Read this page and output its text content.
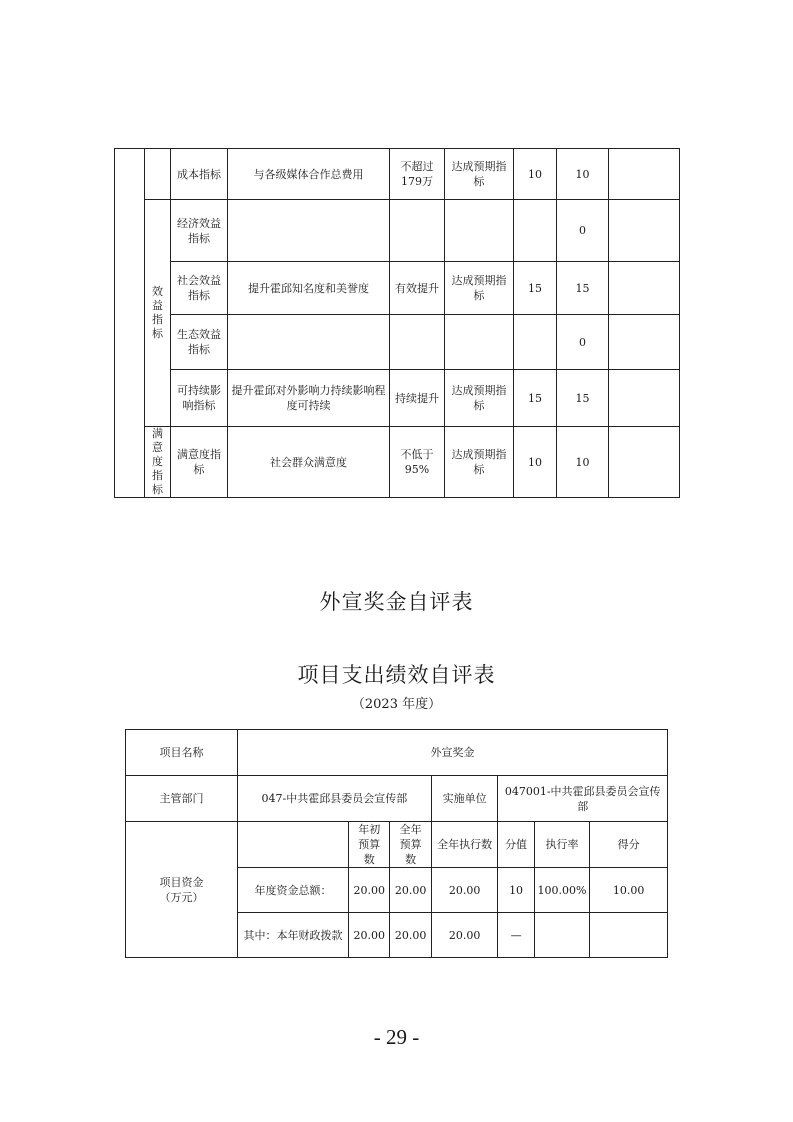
		成本指标	与各级媒体合作总费用	不超过179万	达成预期指标	10	10	

	效益指标	经济效益指标					0	
		社会效益指标	提升霍邱知名度和美誉度	有效提升	达成预期指标	15	15	
		生态效益指标					0	
		可持续影响指标	提升霍邱对外影响力持续影响程度可持续	持续提升	达成预期指标	15	15	

	满意度指标	满意度指标	社会群众满意度	不低于95%	达成预期指标	10	10	
外宣奖金自评表
项目支出绩效自评表
（2023 年度）
项目名称	外宣奖金						
主管部门	047-中共霍邱县委员会宣传部			实施单位	047001-中共霍邱县委员会宣传部		

项目资金（万元）		年初预算数	全年预算数	全年执行数	分值	执行率	得分
	年度资金总额：	20.00	20.00	20.00	10	100.00%	10.00
	其中：本年财政拨款	20.00	20.00	20.00	—		
- 29 -
